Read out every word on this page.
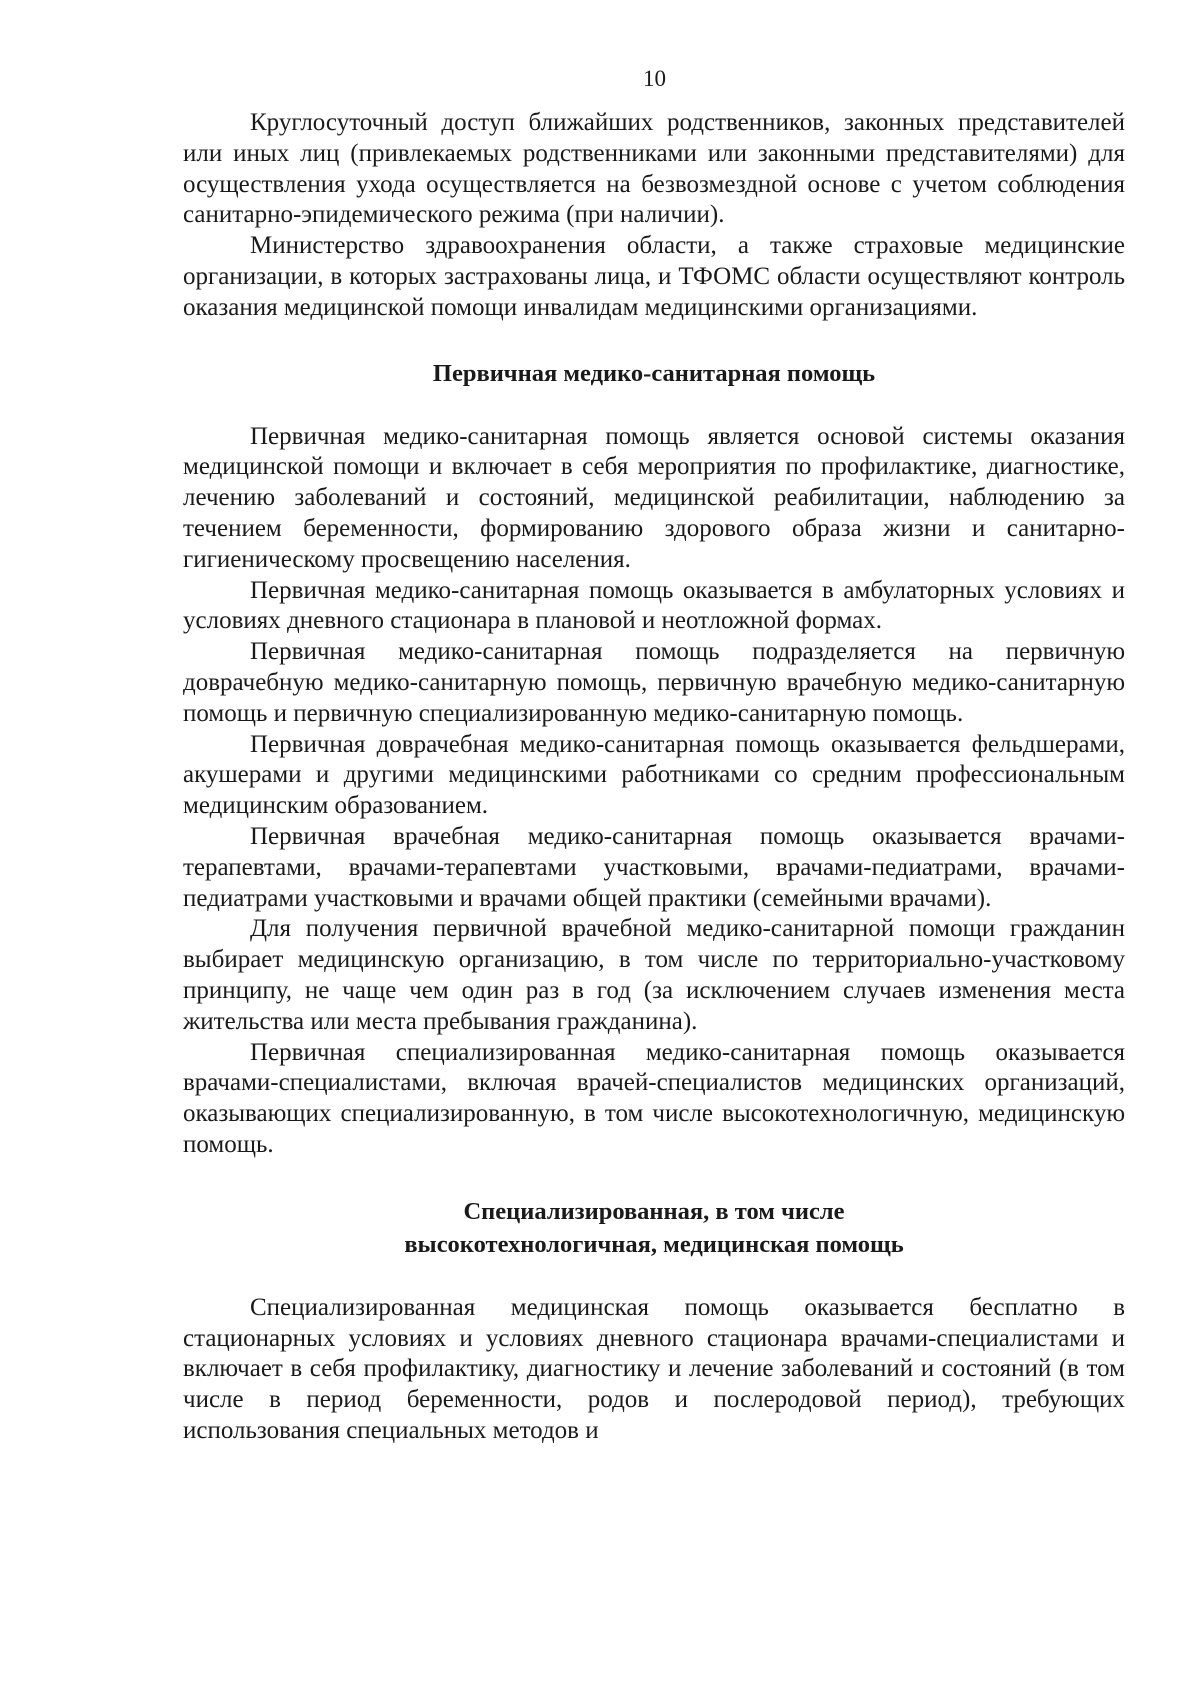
10

Круглосуточный доступ ближайших родственников, законных представителей или иных лиц (привлекаемых родственниками или законными представителями) для осуществления ухода осуществляется на безвозмездной основе с учетом соблюдения санитарно-эпидемического режима (при наличии).

Министерство здравоохранения области, а также страховые медицинские организации, в которых застрахованы лица, и ТФОМС области осуществляют контроль оказания медицинской помощи инвалидам медицинскими организациями.

Первичная медико-санитарная помощь

Первичная медико-санитарная помощь является основой системы оказания медицинской помощи и включает в себя мероприятия по профилактике, диагностике, лечению заболеваний и состояний, медицинской реабилитации, наблюдению за течением беременности, формированию здорового образа жизни и санитарно-гигиеническому просвещению населения.

Первичная медико-санитарная помощь оказывается в амбулаторных условиях и условиях дневного стационара в плановой и неотложной формах.

Первичная медико-санитарная помощь подразделяется на первичную доврачебную медико-санитарную помощь, первичную врачебную медико-санитарную помощь и первичную специализированную медико-санитарную помощь.

Первичная доврачебная медико-санитарная помощь оказывается фельдшерами, акушерами и другими медицинскими работниками со средним профессиональным медицинским образованием.

Первичная врачебная медико-санитарная помощь оказывается врачами-терапевтами, врачами-терапевтами участковыми, врачами-педиатрами, врачами-педиатрами участковыми и врачами общей практики (семейными врачами).

Для получения первичной врачебной медико-санитарной помощи гражданин выбирает медицинскую организацию, в том числе по территориально-участковому принципу, не чаще чем один раз в год (за исключением случаев изменения места жительства или места пребывания гражданина).

Первичная специализированная медико-санитарная помощь оказывается врачами-специалистами, включая врачей-специалистов медицинских организаций, оказывающих специализированную, в том числе высокотехнологичную, медицинскую помощь.

Специализированная, в том числе
высокотехнологичная, медицинская помощь

Специализированная медицинская помощь оказывается бесплатно в стационарных условиях и условиях дневного стационара врачами-специалистами и включает в себя профилактику, диагностику и лечение заболеваний и состояний (в том числе в период беременности, родов и послеродовой период), требующих использования специальных методов и
